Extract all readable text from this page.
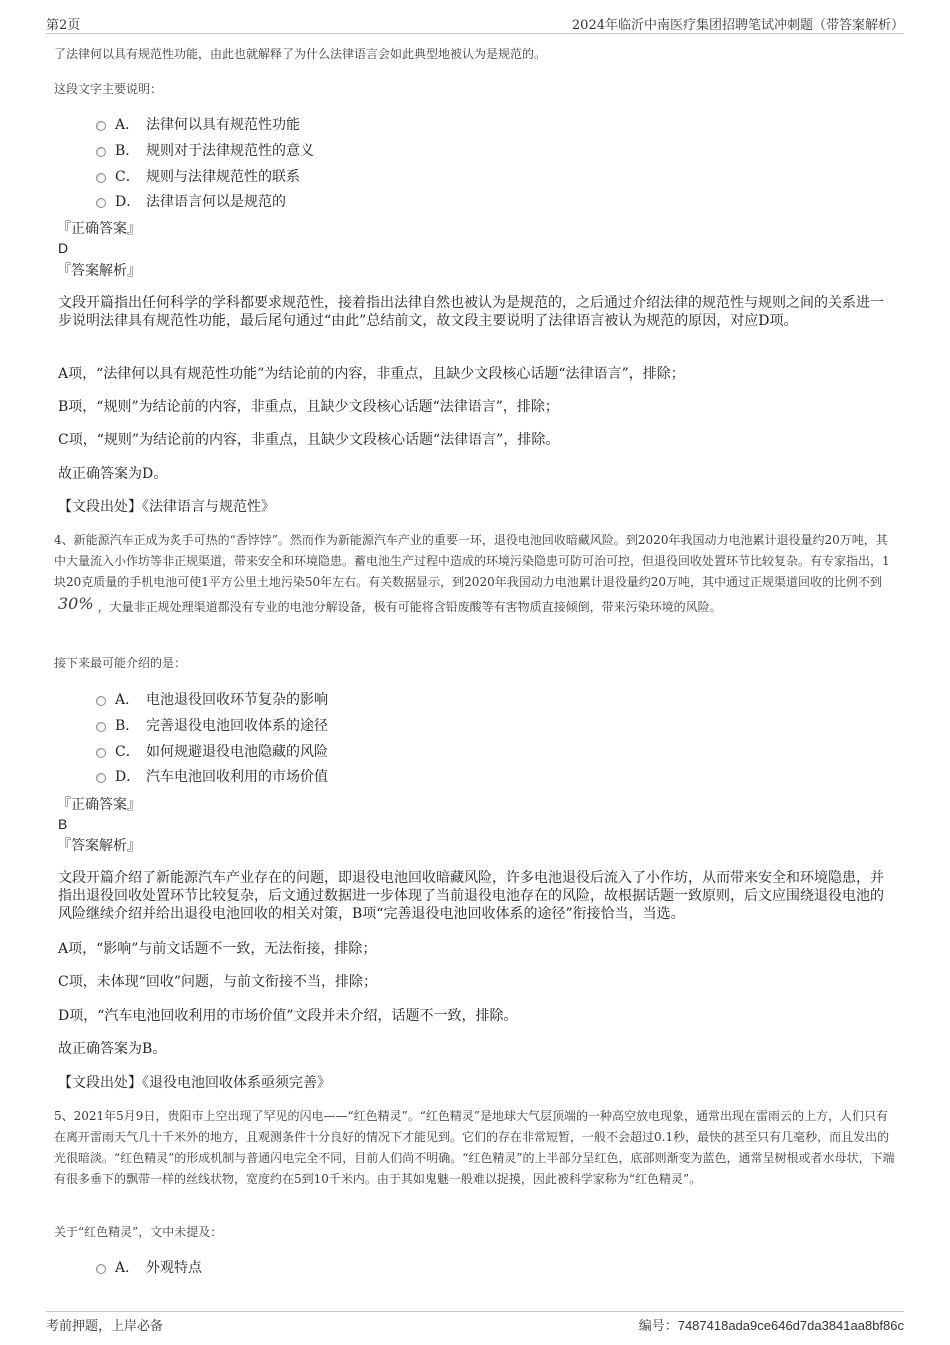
第2页	2024年临沂中南医疗集团招聘笔试冲刺题（带答案解析）
了法律何以具有规范性功能，由此也就解释了为什么法律语言会如此典型地被认为是规范的。
这段文字主要说明：
A． 法律何以具有规范性功能
B． 规则对于法律规范性的意义
C． 规则与法律规范性的联系
D． 法律语言何以是规范的
『正确答案』
D
『答案解析』
文段开篇指出任何科学的学科都要求规范性，接着指出法律自然也被认为是规范的，之后通过介绍法律的规范性与规则之间的关系进一步说明法律具有规范性功能，最后尾句通过“由此”总结前文，故文段主要说明了法律语言被认为规范的原因，对应D项。
A项，“法律何以具有规范性功能”为结论前的内容，非重点，且缺少文段核心话题“法律语言”，排除；
B项，“规则”为结论前的内容，非重点，且缺少文段核心话题“法律语言”，排除；
C项，“规则”为结论前的内容，非重点，且缺少文段核心话题“法律语言”，排除。
故正确答案为D。
【文段出处】《法律语言与规范性》
4、新能源汽车正成为炙手可热的“香饽饽”。然而作为新能源汽车产业的重要一环，退役电池回收暗藏风险。到2020年我国动力电池累计退役量约20万吨，其中大量流入小作坊等非正规渠道，带来安全和环境隐患。蓄电池生产过程中造成的环境污染隐患可防可治可控，但退役回收处置环节比较复杂。有专家指出，1块20克质量的手机电池可使1平方公里土地污染50年左右。有关数据显示，到2020年我国动力电池累计退役量约20万吨，其中通过正规渠道回收的比例不到30% ，大量非正规处理渠道都没有专业的电池分解设备，极有可能将含铅废酸等有害物质直接倾倒，带来污染环境的风险。
接下来最可能介绍的是：
A． 电池退役回收环节复杂的影响
B． 完善退役电池回收体系的途径
C． 如何规避退役电池隐藏的风险
D． 汽车电池回收利用的市场价值
『正确答案』
B
『答案解析』
文段开篇介绍了新能源汽车产业存在的问题，即退役电池回收暗藏风险，许多电池退役后流入了小作坊，从而带来安全和环境隐患，并指出退役回收处置环节比较复杂，后文通过数据进一步体现了当前退役电池存在的风险，故根据话题一致原则，后文应围绕退役电池的风险继续介绍并给出退役电池回收的相关对策，B项“完善退役电池回收体系的途径”衔接恰当，当选。
A项，“影响”与前文话题不一致，无法衔接，排除；
C项，未体现“回收”问题，与前文衔接不当，排除；
D项，“汽车电池回收利用的市场价值”文段并未介绍，话题不一致，排除。
故正确答案为B。
【文段出处】《退役电池回收体系亟须完善》
5、2021年5月9日，贵阳市上空出现了罕见的闪电——“红色精灵”。“红色精灵”是地球大气层顶端的一种高空放电现象，通常出现在雷雨云的上方，人们只有在离开雷雨天气几十千米外的地方，且观测条件十分良好的情况下才能见到。它们的存在非常短暂，一般不会超过0.1秒，最快的甚至只有几毫秒，而且发出的光很暗淡。“红色精灵”的形成机制与普通闪电完全不同，目前人们尚不明确。“红色精灵”的上半部分呈红色，底部则渐变为蓝色，通常呈树根或者水母状，下端有很多垂下的飘带一样的丝线状物，宽度约在5到10千米内。由于其如鬼魅一般难以捉摸，因此被科学家称为“红色精灵”。
关于“红色精灵”，文中未提及：
A． 外观特点
考前押题，上岸必备	编号：7487418ada9ce646d7da3841aa8bf86c
